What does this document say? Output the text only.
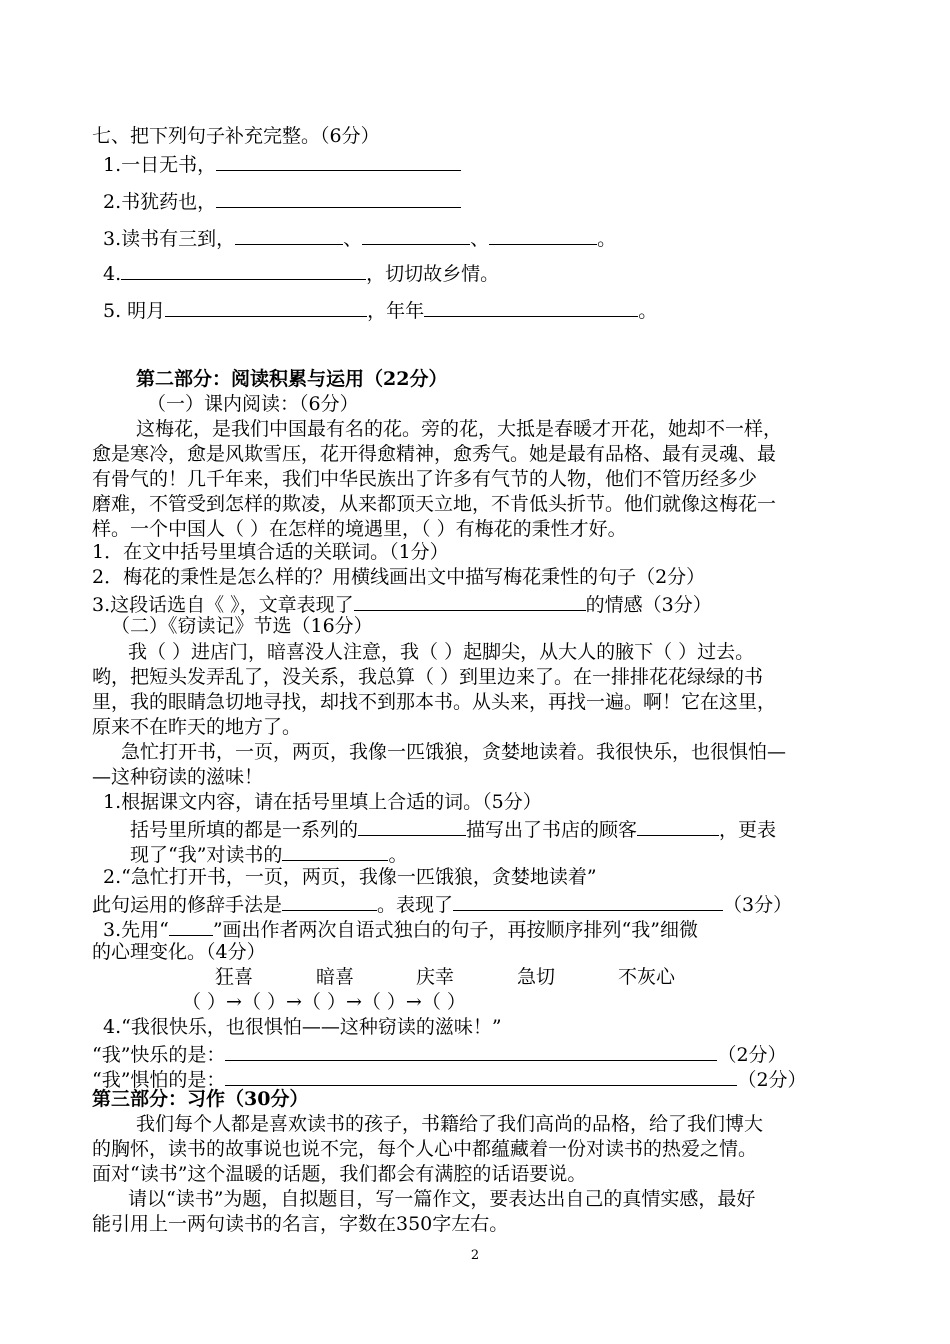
七、把下列句子补充完整。（6分）
1.一日无书，
2.书犹药也，
3.读书有三到，	、	、	。
4.	，切切故乡情。
5. 明月	，年年	。
第二部分：阅读积累与运用（22分）
（一）课内阅读：（6分）
这梅花，是我们中国最有名的花。旁的花，大抵是春暖才开花，她却不一样，
愈是寒冷，愈是风欺雪压，花开得愈精神，愈秀气。她是最有品格、最有灵魂、最
有骨气的！几千年来，我们中华民族出了许多有气节的人物，他们不管历经多少
磨难，不管受到怎样的欺凌，从来都顶天立地，不肯低头折节。他们就像这梅花一
样。一个中国人（ ）在怎样的境遇里，（ ）有梅花的秉性才好。
1．在文中括号里填合适的关联词。（1分）
2．梅花的秉性是怎么样的？用横线画出文中描写梅花秉性的句子（2分）
3.这段话选自《 》，文章表现了	的情感（3分）
（二）《窃读记》节选（16分）
我（ ）进店门，暗喜没人注意，我（ ）起脚尖，从大人的腋下（ ）过去。
哟，把短头发弄乱了，没关系，我总算（ ）到里边来了。在一排排花花绿绿的书
里，我的眼睛急切地寻找，却找不到那本书。从头来，再找一遍。啊！它在这里，
原来不在昨天的地方了。
急忙打开书，一页，两页，我像一匹饿狼，贪婪地读着。我很快乐，也很惧怕—
—这种窃读的滋味！
1.根据课文内容，请在括号里填上合适的词。（5分）
括号里所填的都是一系列的	描写出了书店的顾客	，更表
现了“我”对读书的	。
2.“急忙打开书，一页，两页，我像一匹饿狼，贪婪地读着”
此句运用的修辞手法是	。表现了	（3分）
3.先用“ ”画出作者两次自语式独白的句子，再按顺序排列“我”细微
的心理变化。（4分）
狂喜	暗喜	庆幸	急切	不灰心
（ ）→（ ）→（ ）→（ ）→（ ）
4.“我很快乐，也很惧怕——这种窃读的滋味！”
“我”快乐的是：	（2分）
“我”惧怕的是：	（2分）
第三部分：习作（30分）
我们每个人都是喜欢读书的孩子，书籍给了我们高尚的品格，给了我们博大
的胸怀，读书的故事说也说不完，每个人心中都蕴藏着一份对读书的热爱之情。
面对“读书”这个温暖的话题，我们都会有满腔的话语要说。
请以“读书”为题，自拟题目，写一篇作文，要表达出自己的真情实感，最好
能引用上一两句读书的名言，字数在350字左右。
2
